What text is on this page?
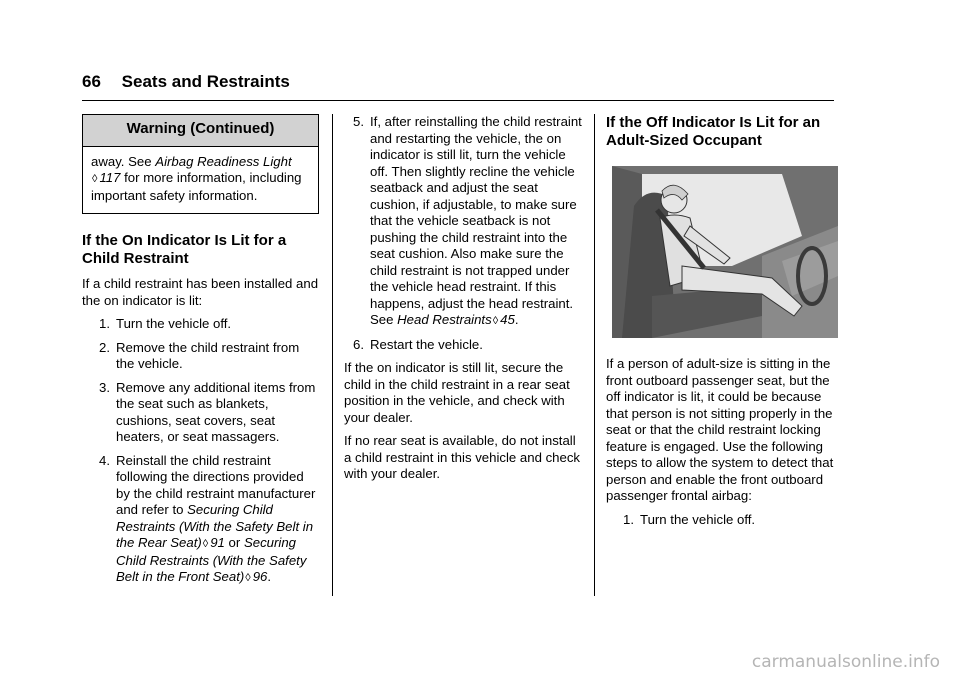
66 Seats and Restraints
Warning (Continued)
away. See Airbag Readiness Light ◊ 117 for more information, including important safety information.
If the On Indicator Is Lit for a Child Restraint

If a child restraint has been installed and the on indicator is lit:

1. Turn the vehicle off.
2. Remove the child restraint from the vehicle.
3. Remove any additional items from the seat such as blankets, cushions, seat covers, seat heaters, or seat massagers.
4. Reinstall the child restraint following the directions provided by the child restraint manufacturer and refer to Securing Child Restraints (With the Safety Belt in the Rear Seat)◊ 91 or Securing Child Restraints (With the Safety Belt in the Front Seat)◊ 96.
5. If, after reinstalling the child restraint and restarting the vehicle, the on indicator is still lit, turn the vehicle off. Then slightly recline the vehicle seatback and adjust the seat cushion, if adjustable, to make sure that the vehicle seatback is not pushing the child restraint into the seat cushion. Also make sure the child restraint is not trapped under the vehicle head restraint. If this happens, adjust the head restraint. See Head Restraints◊ 45.
6. Restart the vehicle.

If the on indicator is still lit, secure the child in the child restraint in a rear seat position in the vehicle, and check with your dealer.

If no rear seat is available, do not install a child restraint in this vehicle and check with your dealer.

If the Off Indicator Is Lit for an Adult-Sized Occupant

If a person of adult-size is sitting in the front outboard passenger seat, but the off indicator is lit, it could be because that person is not sitting properly in the seat or that the child restraint locking feature is engaged. Use the following steps to allow the system to detect that person and enable the front outboard passenger frontal airbag:

1. Turn the vehicle off.
carmanualsonline.info
